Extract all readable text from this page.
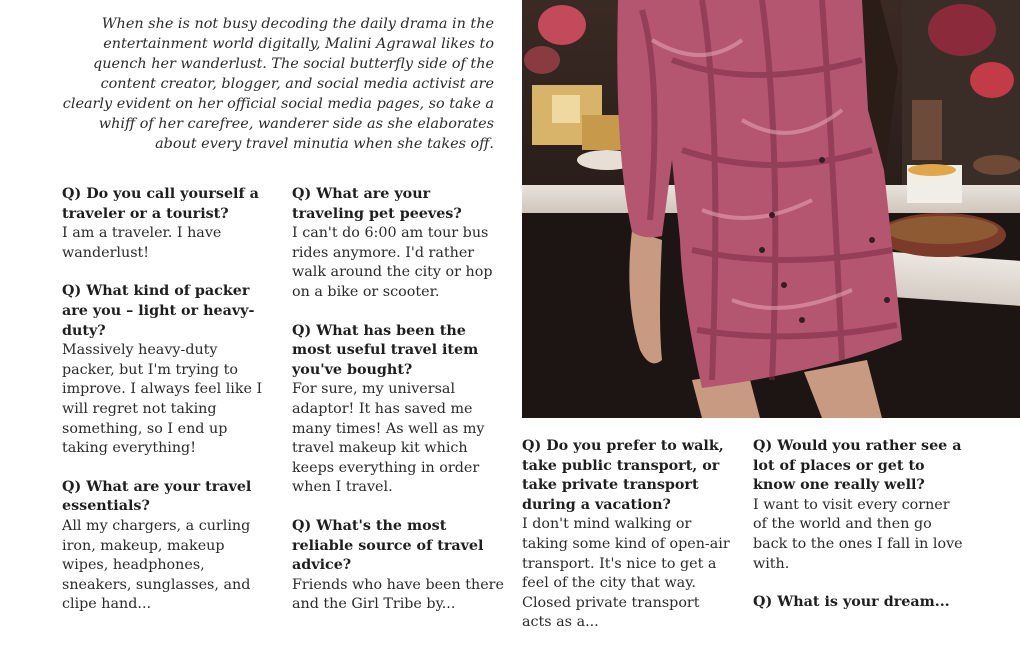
When she is not busy decoding the daily drama in the entertainment world digitally, Malini Agrawal likes to quench her wanderlust. The social butterfly side of the content creator, blogger, and social media activist are clearly evident on her official social media pages, so take a whiff of her carefree, wanderer side as she elaborates about every travel minutia when she takes off.
Q) Do you call yourself a traveler or a tourist?
I am a traveler. I have wanderlust!
Q) What kind of packer are you – light or heavy-duty?
Massively heavy-duty packer, but I'm trying to improve. I always feel like I will regret not taking something, so I end up taking everything!
Q) What are your travel essentials?
All my chargers, a curling iron, makeup, makeup wipes, headphones, sneakers, sunglasses, and clipe hand...
Q) What are your traveling pet peeves?
I can't do 6:00 am tour bus rides anymore. I'd rather walk around the city or hop on a bike or scooter.
Q) What has been the most useful travel item you've bought?
For sure, my universal adaptor! It has saved me many times! As well as my travel makeup kit which keeps everything in order when I travel.
Q) What's the most reliable source of travel advice?
Friends who have been there and the Girl Tribe by...
Q) Do you prefer to walk, take public transport, or take private transport during a vacation?
I don't mind walking or taking some kind of open-air transport. It's nice to get a feel of the city that way. Closed private transport acts as a...
Q) Would you rather see a lot of places or get to know one really well?
I want to visit every corner of the world and then go back to the ones I fall in love with.
Q) What is your dream...
